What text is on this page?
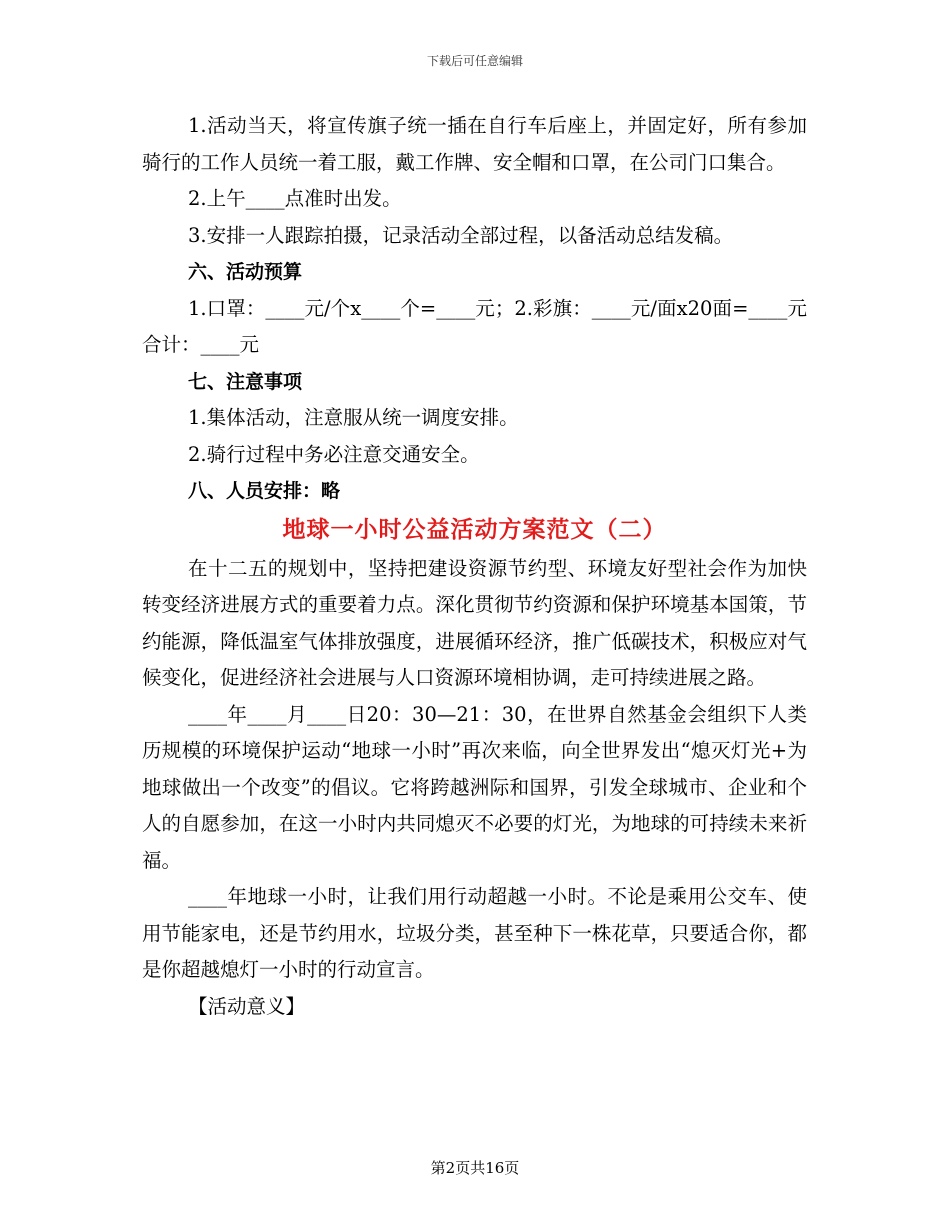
下载后可任意编辑

1.活动当天，将宣传旗子统一插在自行车后座上，并固定好，所有参加骑行的工作人员统一着工服，戴工作牌、安全帽和口罩，在公司门口集合。

2.上午____点准时出发。

3.安排一人跟踪拍摄，记录活动全部过程，以备活动总结发稿。

六、活动预算

1.口罩：____元/个x____个=____元；2.彩旗：____元/面x20面=____元合计：____元

七、注意事项

1.集体活动，注意服从统一调度安排。

2.骑行过程中务必注意交通安全。

八、人员安排：略

地球一小时公益活动方案范文（二）

在十二五的规划中，坚持把建设资源节约型、环境友好型社会作为加快转变经济进展方式的重要着力点。深化贯彻节约资源和保护环境基本国策，节约能源，降低温室气体排放强度，进展循环经济，推广低碳技术，积极应对气候变化，促进经济社会进展与人口资源环境相协调，走可持续进展之路。

____年____月____日20：30—21：30，在世界自然基金会组织下人类历规模的环境保护运动“地球一小时”再次来临，向全世界发出“熄灭灯光+为地球做出一个改变”的倡议。它将跨越洲际和国界，引发全球城市、企业和个人的自愿参加，在这一小时内共同熄灭不必要的灯光，为地球的可持续未来祈福。

____年地球一小时，让我们用行动超越一小时。不论是乘用公交车、使用节能家电，还是节约用水，垃圾分类，甚至种下一株花草，只要适合你，都是你超越熄灯一小时的行动宣言。

【活动意义】

第2页共16页
